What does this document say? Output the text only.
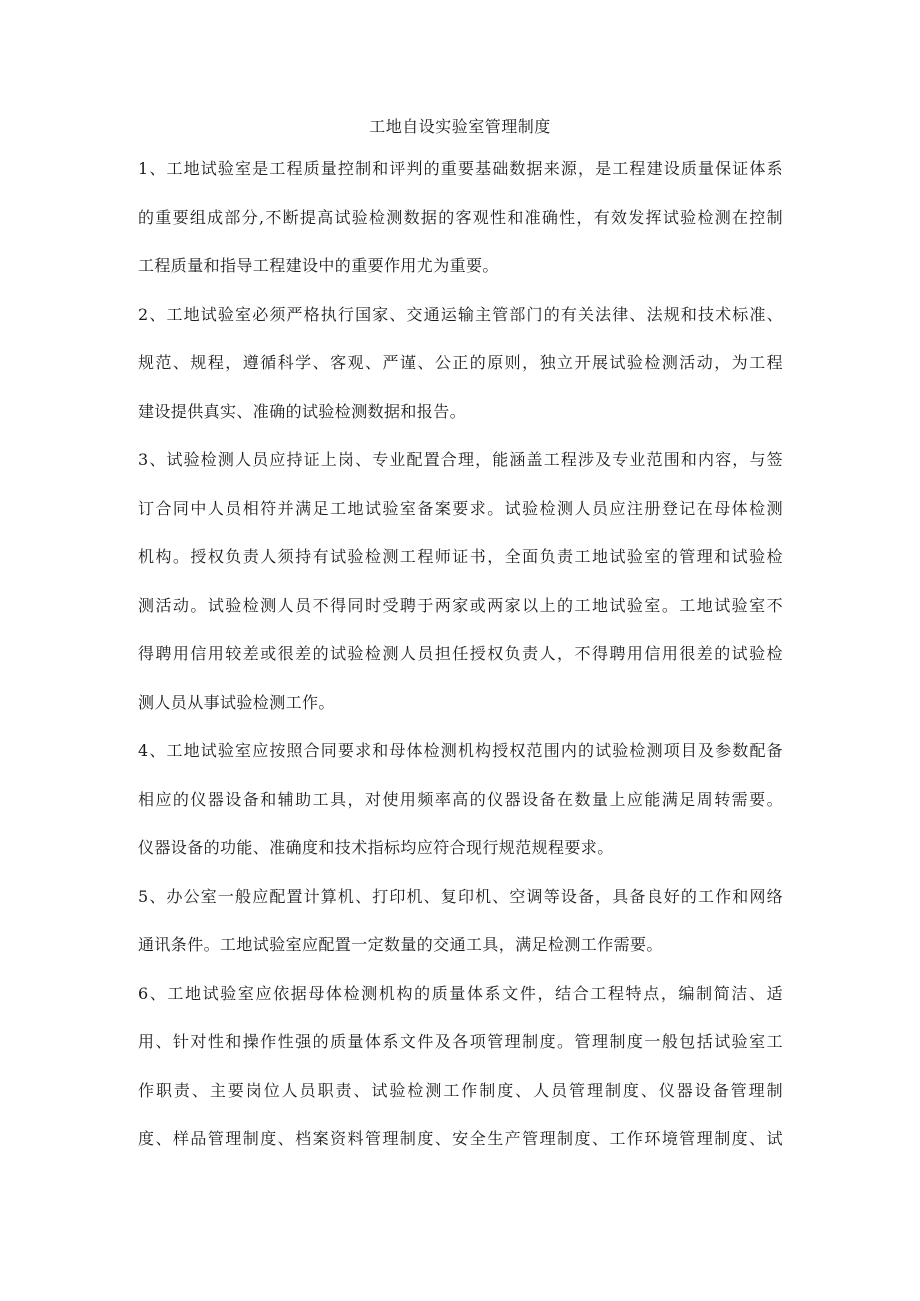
工地自设实验室管理制度
1、工地试验室是工程质量控制和评判的重要基础数据来源，是工程建设质量保证体系
的重要组成部分,不断提高试验检测数据的客观性和准确性，有效发挥试验检测在控制
工程质量和指导工程建设中的重要作用尤为重要。
2、工地试验室必须严格执行国家、交通运输主管部门的有关法律、法规和技术标准、
规范、规程，遵循科学、客观、严谨、公正的原则，独立开展试验检测活动，为工程
建设提供真实、准确的试验检测数据和报告。
3、试验检测人员应持证上岗、专业配置合理，能涵盖工程涉及专业范围和内容，与签
订合同中人员相符并满足工地试验室备案要求。试验检测人员应注册登记在母体检测
机构。授权负责人须持有试验检测工程师证书，全面负责工地试验室的管理和试验检
测活动。试验检测人员不得同时受聘于两家或两家以上的工地试验室。工地试验室不
得聘用信用较差或很差的试验检测人员担任授权负责人，不得聘用信用很差的试验检
测人员从事试验检测工作。
4、工地试验室应按照合同要求和母体检测机构授权范围内的试验检测项目及参数配备
相应的仪器设备和辅助工具，对使用频率高的仪器设备在数量上应能满足周转需要。
仪器设备的功能、准确度和技术指标均应符合现行规范规程要求。
5、办公室一般应配置计算机、打印机、复印机、空调等设备，具备良好的工作和网络
通讯条件。工地试验室应配置一定数量的交通工具，满足检测工作需要。
6、工地试验室应依据母体检测机构的质量体系文件，结合工程特点，编制简洁、适
用、针对性和操作性强的质量体系文件及各项管理制度。管理制度一般包括试验室工
作职责、主要岗位人员职责、试验检测工作制度、人员管理制度、仪器设备管理制
度、样品管理制度、档案资料管理制度、安全生产管理制度、工作环境管理制度、试
